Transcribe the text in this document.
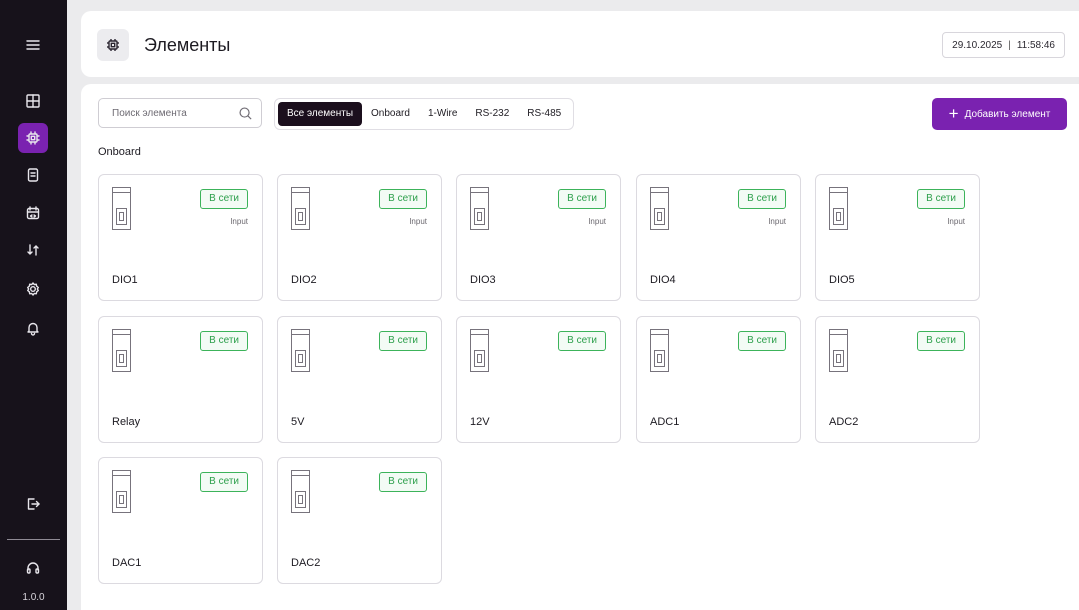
1.0.0
Элементы	29.10.2025 | 11:58:46
Поиск элемента
Все элементы	Onboard	1-Wire	RS-232	RS-485	+ Добавить элемент
Onboard
В сети
Input
DIO1
В сети
Input
DIO2
В сети
Input
DIO3
В сети
Input
DIO4
В сети
Input
DIO5
В сети
Relay
В сети
5V
В сети
12V
В сети
ADC1
В сети
ADC2
В сети
DAC1
В сети
DAC2
